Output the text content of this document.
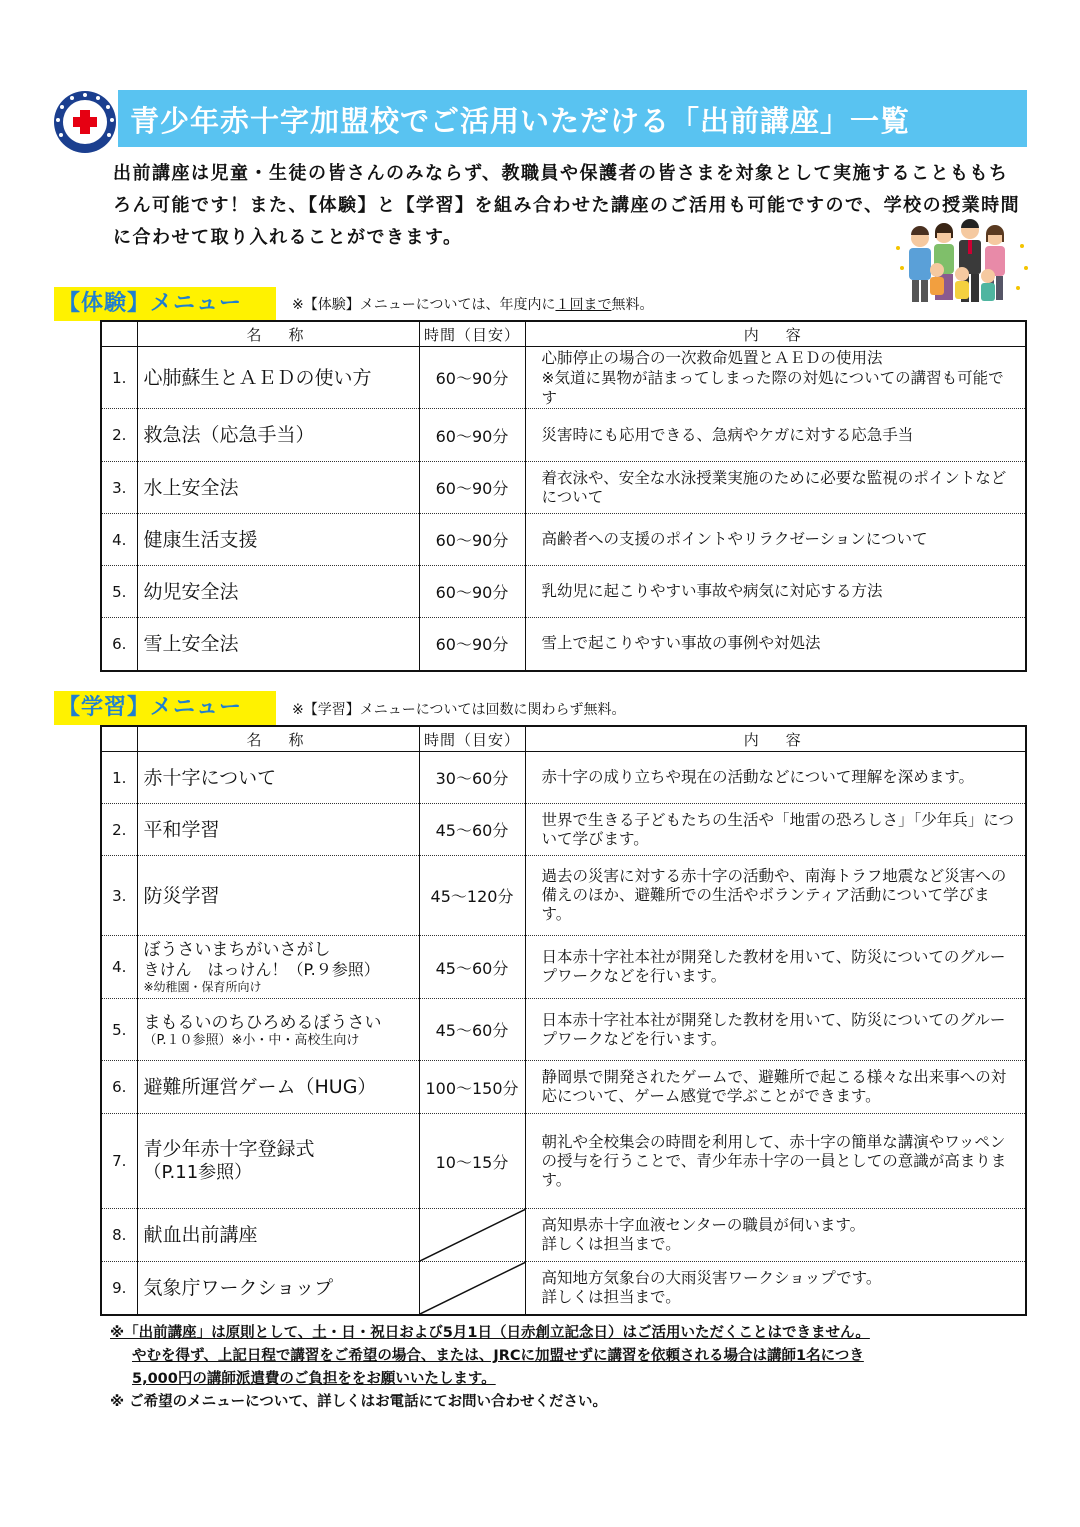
青少年赤十字加盟校でご活用いただける「出前講座」一覧
出前講座は児童・生徒の皆さんのみならず、教職員や保護者の皆さまを対象として実施することももちろん可能です！また、【体験】と【学習】を組み合わせた講座のご活用も可能ですので、学校の授業時間に合わせて取り入れることができます。
【体験】メニュー	※【体験】メニューについては、年度内に１回まで無料。
	名　称	時間（目安）	内　容
1.	心肺蘇生とＡＥＤの使い方	60〜90分	心肺停止の場合の一次救命処置とＡＥＤの使用法
※気道に異物が詰まってしまった際の対処についての講習も可能です
2.	救急法（応急手当）	60〜90分	災害時にも応用できる、急病やケガに対する応急手当
3.	水上安全法	60〜90分	着衣泳や、安全な水泳授業実施のために必要な監視のポイントなどについて
4.	健康生活支援	60〜90分	高齢者への支援のポイントやリラクゼーションについて
5.	幼児安全法	60〜90分	乳幼児に起こりやすい事故や病気に対応する方法
6.	雪上安全法	60〜90分	雪上で起こりやすい事故の事例や対処法
【学習】メニュー	※【学習】メニューについては回数に関わらず無料。
	名　称	時間（目安）	内　容
1.	赤十字について	30〜60分	赤十字の成り立ちや現在の活動などについて理解を深めます。
2.	平和学習	45〜60分	世界で生きる子どもたちの生活や「地雷の恐ろしさ」「少年兵」について学びます。
3.	防災学習	45〜120分	過去の災害に対する赤十字の活動や、南海トラフ地震など災害への備えのほか、避難所での生活やボランティア活動について学びます。
4.	ぼうさいまちがいさがし
きけん　はっけん！（P.９参照）
※幼稚園・保育所向け	45〜60分	日本赤十字社本社が開発した教材を用いて、防災についてのグループワークなどを行います。
5.	まもるいのちひろめるぼうさい
（P.１０参照）※小・中・高校生向け	45〜60分	日本赤十字社本社が開発した教材を用いて、防災についてのグループワークなどを行います。
6.	避難所運営ゲーム（HUG）	100〜150分	静岡県で開発されたゲームで、避難所で起こる様々な出来事への対応について、ゲーム感覚で学ぶことができます。
7.	青少年赤十字登録式
（P.11参照）	10〜15分	朝礼や全校集会の時間を利用して、赤十字の簡単な講演やワッペンの授与を行うことで、青少年赤十字の一員としての意識が高まります。
8.	献血出前講座		高知県赤十字血液センターの職員が伺います。
詳しくは担当まで。
9.	気象庁ワークショップ		高知地方気象台の大雨災害ワークショップです。
詳しくは担当まで。

※「出前講座」は原則として、土・日・祝日および5月1日（日赤創立記念日）はご活用いただくことはできません。

やむを得ず、上記日程で講習をご希望の場合、または、JRCに加盟せずに講習を依頼される場合は講師1名につき

5,000円の講師派遣費のご負担ををお願いいたします。

※ ご希望のメニューについて、詳しくはお電話にてお問い合わせください。
